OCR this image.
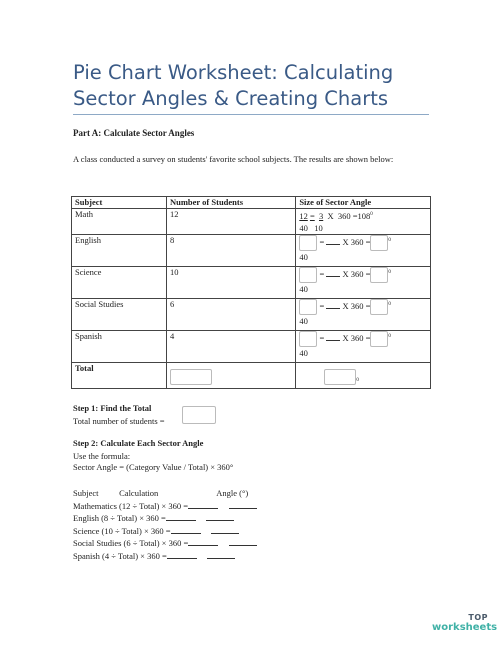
Pie Chart Worksheet: Calculating Sector Angles & Creating Charts
Part A: Calculate Sector Angles
A class conducted a survey on students' favorite school subjects. The results are shown below:
Subject	Number of Students	Size of Sector Angle
Math	12	12 = 3 X $360 =108^0$
40 10

English	8	= X 360 = $^0$
40

Science	10	= X 360 = $^0$
40

Social Studies	6	= X 360 = $^0$
40

Spanish	4	= X 360 = $^0$
40

Total		$^0$
Step 1: Find the Total
Total number of students =
Step 2: Calculate Each Sector Angle
Use the formula:
Sector Angle = (Category Value / Total) × 360°
Subject Calculation	Angle (°)
Mathematics (12 ÷ Total) × 360 =
English (8 ÷ Total) × 360 =
Science (10 ÷ Total) × 360 =
Social Studies (6 ÷ Total) × 360 =
Spanish (4 ÷ Total) × 360 =
TOP
worksheets
